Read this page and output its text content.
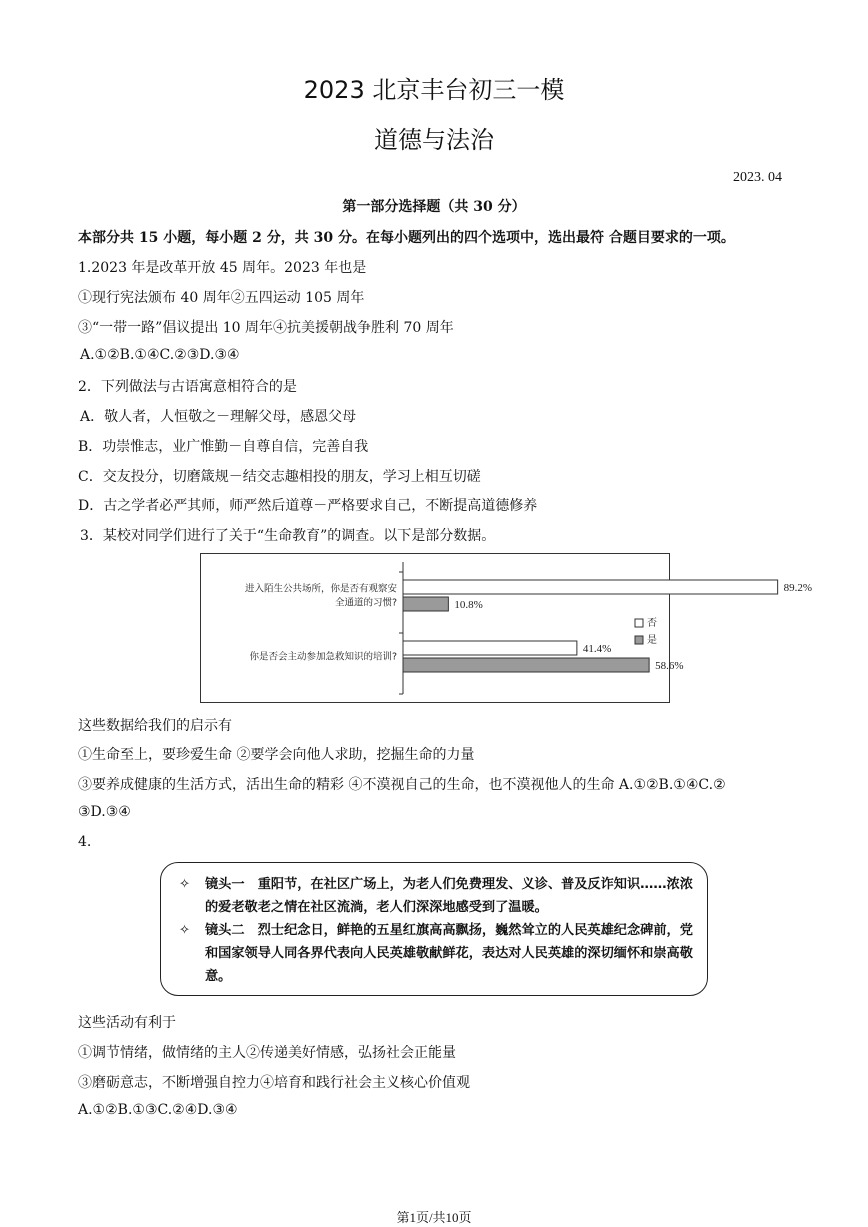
2023 北京丰台初三一模
道德与法治
2023. 04
第一部分选择题（共 30 分）
本部分共 15 小题，每小题 2 分，共 30 分。在每小题列出的四个选项中，选出最符 合题目要求的一项。
1.2023 年是改革开放 45 周年。2023 年也是
①现行宪法颁布 40 周年②五四运动 105 周年
③“一带一路”倡议提出 10 周年④抗美援朝战争胜利 70 周年
A.①②B.①④C.②③D.③④
2．下列做法与古语寓意相符合的是
A．敬人者，人恒敬之－理解父母，感恩父母
B．功崇惟志，业广惟勤－自尊自信，完善自我
C．交友投分，切磨箴规－结交志趣相投的朋友，学习上相互切磋
D．古之学者必严其师，师严然后道尊－严格要求自己，不断提高道德修养
3．某校对同学们进行了关于“生命教育”的调查。以下是部分数据。
进入陌生公共场所，你是否有观察安
全通道的习惯?
89.2%
10.8%
你是否会主动参加急救知识的培训?
41.4%
58.6%
否
是
这些数据给我们的启示有
①生命至上，要珍爱生命 ②要学会向他人求助，挖掘生命的力量
③要养成健康的生活方式，活出生命的精彩 ④不漠视自己的生命，也不漠视他人的生命 A.①②B.①④C.②
③D.③④
4.
✧	镜头一　重阳节，在社区广场上，为老人们免费理发、义诊、普及反诈知识……浓浓的爱老敬老之情在社区流淌，老人们深深地感受到了温暖。
✧	镜头二　烈士纪念日，鲜艳的五星红旗高高飘扬，巍然耸立的人民英雄纪念碑前，党和国家领导人同各界代表向人民英雄敬献鲜花，表达对人民英雄的深切缅怀和崇高敬意。
这些活动有利于
①调节情绪，做情绪的主人②传递美好情感，弘扬社会正能量
③磨砺意志，不断增强自控力④培育和践行社会主义核心价值观
A.①②B.①③C.②④D.③④
第1页/共10页
